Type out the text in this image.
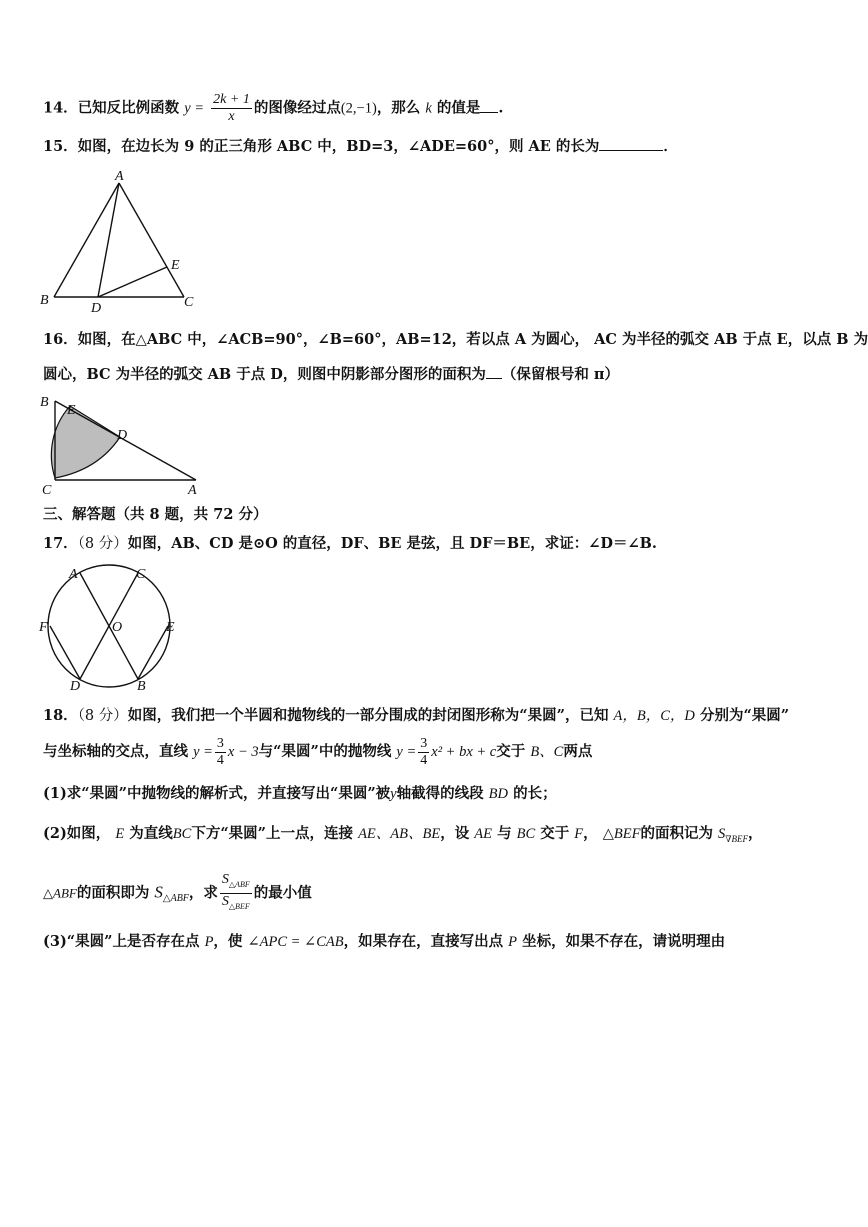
14．已知反比例函数 $y = \frac{2k + 1}{x}$ 的图像经过点(2,−1)，那么 k 的值是 .
15．如图，在边长为 9 的正三角形 ABC 中，BD=3，∠ADE=60°，则 AE 的长为	．
A
B	C
D
E
16．如图，在△ABC 中，∠ACB=90°，∠B=60°，AB=12，若以点 A 为圆心， AC 为半径的弧交 AB 于点 E，以点 B 为
圆心，BC 为半径的弧交 AB 于点 D，则图中阴影部分图形的面积为 （保留根号和 π）
B
E
D
C	A
三、解答题（共 8 题，共 72 分）
17．（8 分）如图，AB、CD 是⊙O 的直径，DF、BE 是弦，且 DF＝BE，求证：∠D＝∠B.
A	C
F	O	E
D	B
18．（8 分）如图，我们把一个半圆和抛物线的一部分围成的封闭图形称为“果圆”，已知 A，B，C，D 分别为“果圆”
与坐标轴的交点，直线 $y = \frac{3}{4}$ x − 3与“果圆”中的抛物线 $y = \frac{3}{4} x^2$ + bx + c交于 B、C两点
(1)求“果圆”中抛物线的解析式，并直接写出“果圆”被y轴截得的线段 BD 的长；
(2)如图， E 为直线BC下方“果圆”上一点，连接 AE、AB、BE，设 AE 与 BC 交于 F， △BEF的面积记为 $S_{\nabla BEF}$，
△ABF的面积即为 $S_{\triangle ABF}$，求 $\frac{S_{\triangle ABF}}{S_{\triangle BEF}}$ 的最小值
(3)“果圆”上是否存在点 P，使 ∠APC = ∠CAB，如果存在，直接写出点 P 坐标，如果不存在，请说明理由
